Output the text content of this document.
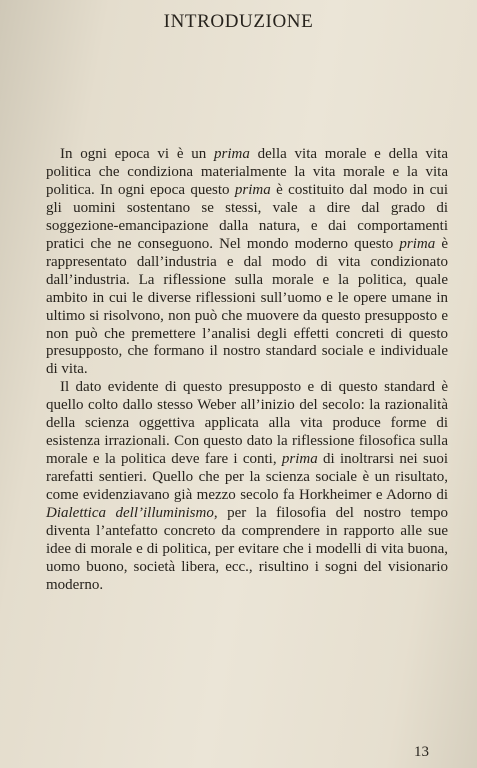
INTRODUZIONE

In ogni epoca vi è un prima della vita morale e della vita politica che condiziona materialmente la vita morale e la vita politica. In ogni epoca questo prima è costituito dal modo in cui gli uomini sostentano se stessi, vale a dire dal grado di soggezione-emancipazione dalla natura, e dai comportamenti pratici che ne conseguono. Nel mondo moderno questo prima è rappresentato dall’industria e dal modo di vita condizionato dall’industria. La riflessione sulla morale e la politica, quale ambito in cui le diverse riflessioni sull’uomo e le opere umane in ultimo si risolvono, non può che muovere da questo presupposto e non può che premettere l’analisi degli effetti concreti di questo presupposto, che formano il nostro standard sociale e individuale di vita.

Il dato evidente di questo presupposto e di questo standard è quello colto dallo stesso Weber all’inizio del secolo: la razionalità della scienza oggettiva applicata alla vita produce forme di esistenza irrazionali. Con questo dato la riflessione filosofica sulla morale e la politica deve fare i conti, prima di inoltrarsi nei suoi rarefatti sentieri. Quello che per la scienza sociale è un risultato, come evidenziavano già mezzo secolo fa Horkheimer e Adorno di Dialettica dell’illuminismo, per la filosofia del nostro tempo diventa l’antefatto concreto da comprendere in rapporto alle sue idee di morale e di politica, per evitare che i modelli di vita buona, uomo buono, società libera, ecc., risultino i sogni del visionario moderno.

13
